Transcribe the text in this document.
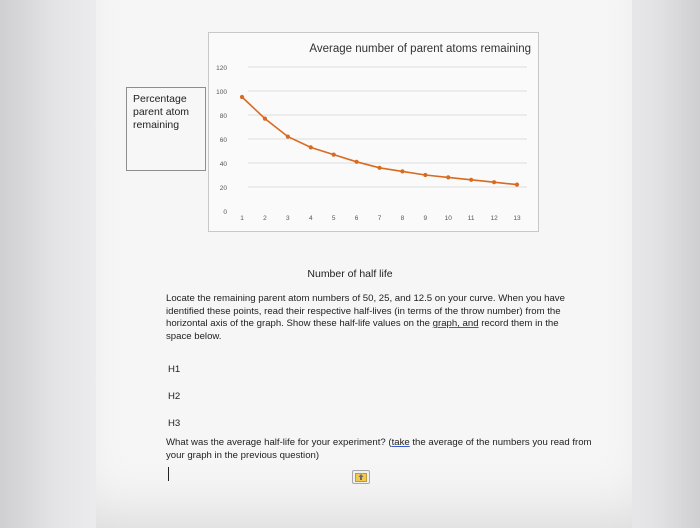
Percentage
parent atom
remaining
Average number of parent atoms remaining
0
20
40
60
80
100
120
1	2	3	4	5	6	7	8	9	10 11 12 13
Number of half life
Locate the remaining parent atom numbers of 50, 25, and 12.5 on your curve. When you have identified these points, read their respective half-lives (in terms of the throw number) from the horizontal axis of the graph. Show these half-life values on the graph, and record them in the space below.
H1
H2
H3
What was the average half-life for your experiment? (take the average of the numbers you read from your graph in the previous question)
